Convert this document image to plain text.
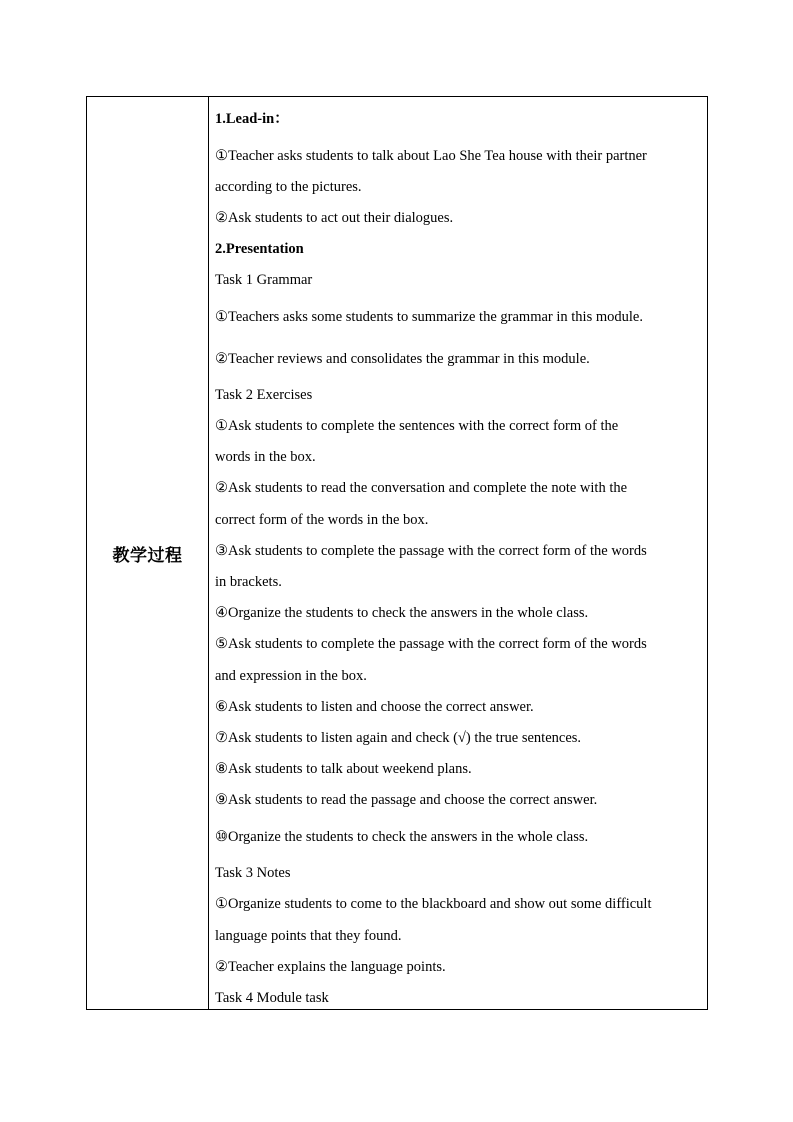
教学过程
1.Lead-in：
①Teacher asks students to talk about Lao She Tea house with their partner
according to the pictures.
②Ask students to act out their dialogues.
2.Presentation
Task 1 Grammar
①Teachers asks some students to summarize the grammar in this module.
②Teacher reviews and consolidates the grammar in this module.
Task 2 Exercises
①Ask students to complete the sentences with the correct form of the
words in the box.
②Ask students to read the conversation and complete the note with the
correct form of the words in the box.
③Ask students to complete the passage with the correct form of the words
in brackets.
④Organize the students to check the answers in the whole class.
⑤Ask students to complete the passage with the correct form of the words
and expression in the box.
⑥Ask students to listen and choose the correct answer.
⑦Ask students to listen again and check (√) the true sentences.
⑧Ask students to talk about weekend plans.
⑨Ask students to read the passage and choose the correct answer.
⑩Organize the students to check the answers in the whole class.
Task 3 Notes
①Organize students to come to the blackboard and show out some difficult
language points that they found.
②Teacher explains the language points.
Task 4 Module task
